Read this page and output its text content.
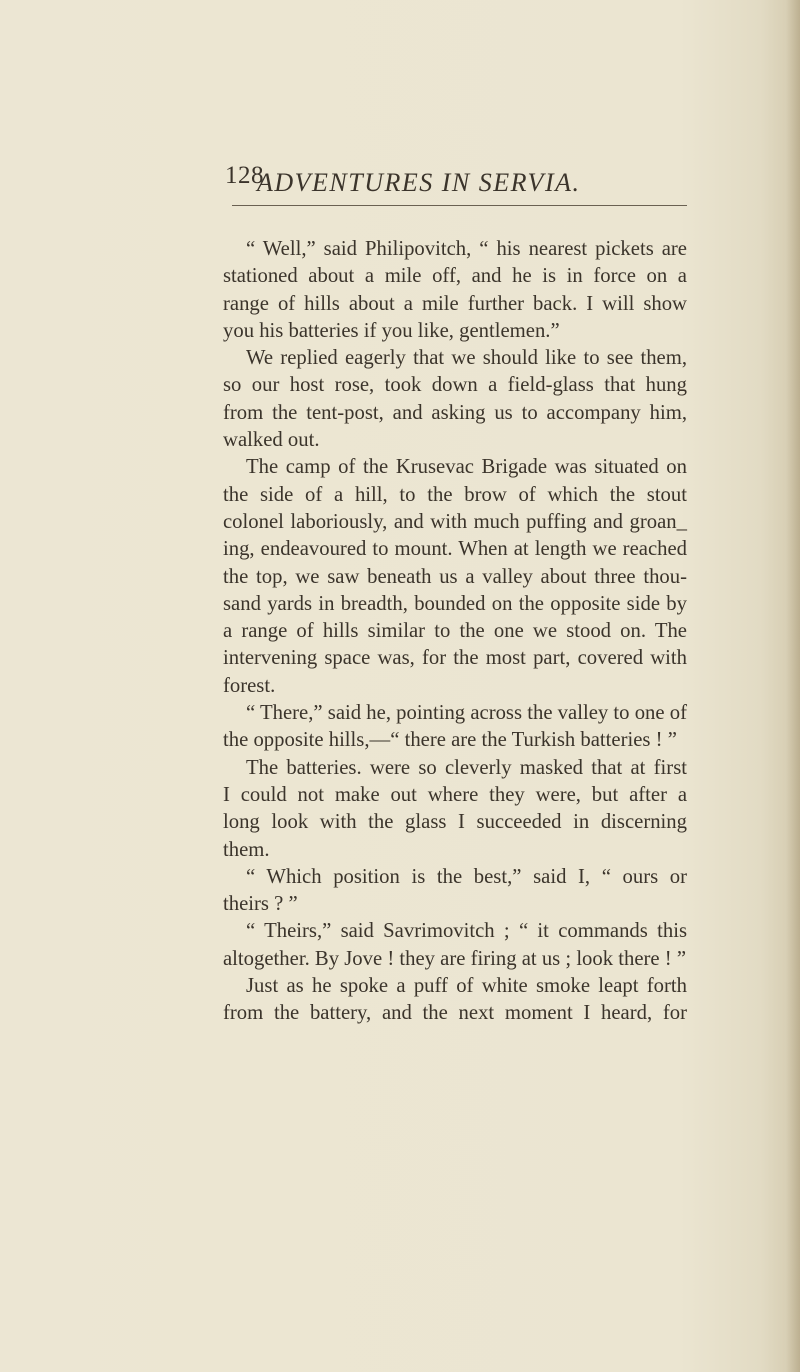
128
ADVENTURES IN SERVIA.
“ Well,” said Philipovitch, “ his nearest pickets are
stationed about a mile off, and he is in force on a
range of hills about a mile further back. I will show
you his batteries if you like, gentlemen.”
We replied eagerly that we should like to see them,
so our host rose, took down a field-glass that hung
from the tent-post, and asking us to accompany him,
walked out.
The camp of the Krusevac Brigade was situated on
the side of a hill, to the brow of which the stout
colonel laboriously, and with much puffing and groan_
ing, endeavoured to mount. When at length we reached
the top, we saw beneath us a valley about three thou-
sand yards in breadth, bounded on the opposite side by
a range of hills similar to the one we stood on. The
intervening space was, for the most part, covered with
forest.
“ There,” said he, pointing across the valley to one of
the opposite hills,—“ there are the Turkish batteries ! ”
The batteries. were so cleverly masked that at first
I could not make out where they were, but after a
long look with the glass I succeeded in discerning
them.
“ Which position is the best,” said I, “ ours or
theirs ? ”
“ Theirs,” said Savrimovitch ; “ it commands this
altogether. By Jove ! they are firing at us ; look there ! ”
Just as he spoke a puff of white smoke leapt forth
from the battery, and the next moment I heard, for
